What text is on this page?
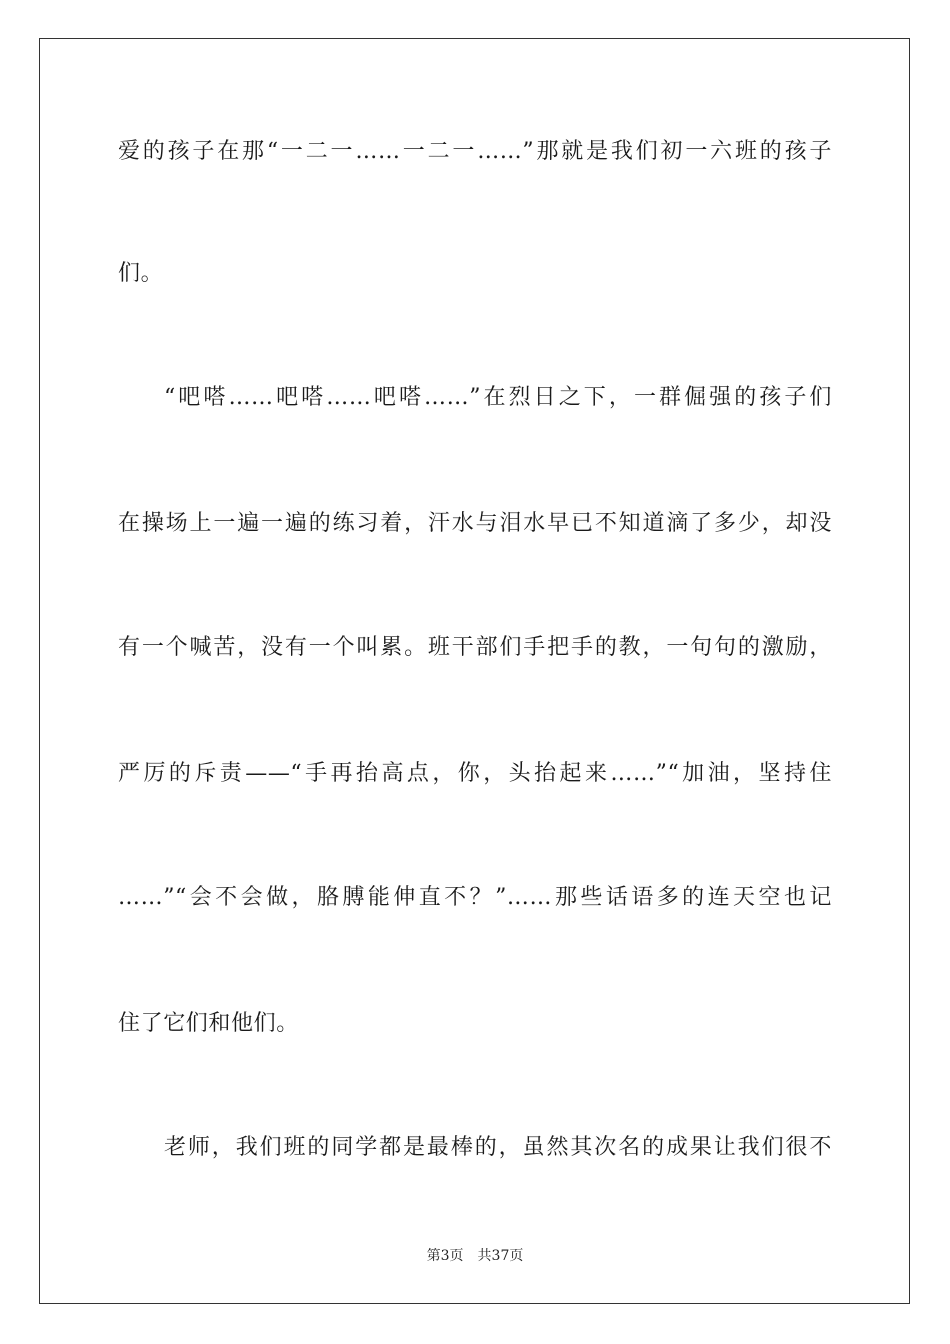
爱的孩子在那“一二一……一二一……”那就是我们初一六班的孩子
们。
“吧嗒……吧嗒……吧嗒……”在烈日之下，一群倔强的孩子们
在操场上一遍一遍的练习着，汗水与泪水早已不知道滴了多少，却没
有一个喊苦，没有一个叫累。班干部们手把手的教，一句句的激励，
严厉的斥责——“手再抬高点，你，头抬起来……”“加油，坚持住
……”“会不会做，胳膊能伸直不？”……那些话语多的连天空也记
住了它们和他们。
老师，我们班的同学都是最棒的，虽然其次名的成果让我们很不
第3页 共37页
